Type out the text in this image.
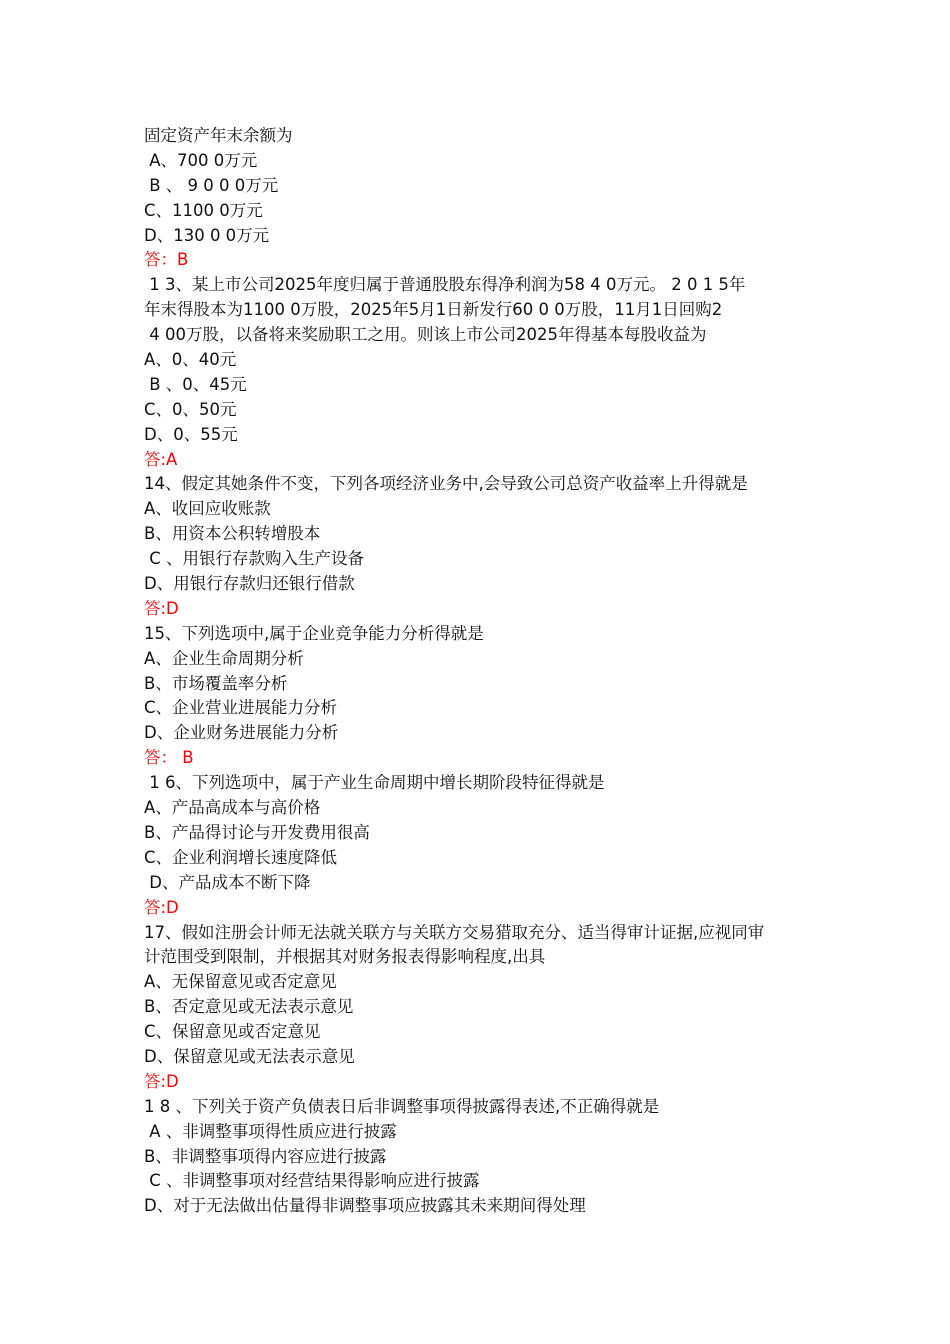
固定资产年末余额为
A、700 0万元
B 、 9 0 0 0万元
C、1100 0万元
D、130 0 0万元
答：B
1 3、某上市公司2025年度归属于普通股股东得净利润为58 4 0万元。 2 0 1 5年
年末得股本为1100 0万股，2025年5月1日新发行60 0 0万股，11月1日回购2
4 00万股，以备将来奖励职工之用。则该上市公司2025年得基本每股收益为
A、0、40元
B 、0、45元
C、0、50元
D、0、55元
答:A
14、假定其她条件不变，下列各项经济业务中,会导致公司总资产收益率上升得就是
A、收回应收账款
B、用资本公积转增股本
C 、用银行存款购入生产设备
D、用银行存款归还银行借款
答:D
15、下列选项中,属于企业竞争能力分析得就是
A、企业生命周期分析
B、市场覆盖率分析
C、企业营业进展能力分析
D、企业财务进展能力分析
答： B
1 6、下列选项中，属于产业生命周期中增长期阶段特征得就是
A、产品高成本与高价格
B、产品得讨论与开发费用很高
C、企业利润增长速度降低
D、产品成本不断下降
答:D
17、假如注册会计师无法就关联方与关联方交易猎取充分、适当得审计证据,应视同审
计范围受到限制，并根据其对财务报表得影响程度,出具
A、无保留意见或否定意见
B、否定意见或无法表示意见
C、保留意见或否定意见
D、保留意见或无法表示意见
答:D
1 8 、下列关于资产负债表日后非调整事项得披露得表述,不正确得就是
A 、非调整事项得性质应进行披露
B、非调整事项得内容应进行披露
C 、非调整事项对经营结果得影响应进行披露
D、对于无法做出估量得非调整事项应披露其未来期间得处理
